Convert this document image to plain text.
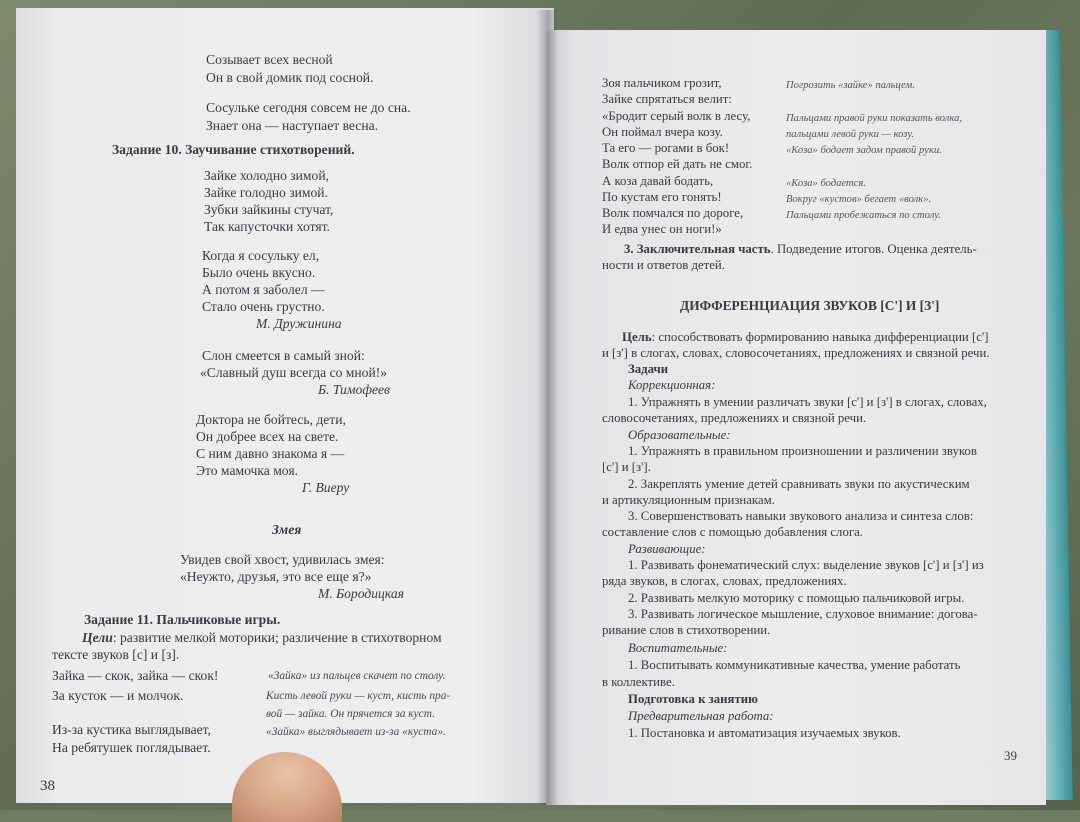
Созывает всех весной
Он в свой домик под сосной.
Сосульке сегодня совсем не до сна.
Знает она — наступает весна.
Задание 10. Заучивание стихотворений.
Зайке холодно зимой,
Зайке голодно зимой.
Зубки зайкины стучат,
Так капусточки хотят.
Когда я сосульку ел,
Было очень вкусно.
А потом я заболел —
Стало очень грустно.
М. Дружинина
Слон смеется в самый зной:
«Славный душ всегда со мной!»
Б. Тимофеев
Доктора не бойтесь, дети,
Он добрее всех на свете.
С ним давно знакома я —
Это мамочка моя.
Г. Виеру
Змея
Увидев свой хвост, удивилась змея:
«Неужто, друзья, это все еще я?»
М. Бородицкая
Задание 11. Пальчиковые игры.
Цели: развитие мелкой моторики; различение в стихотворном
тексте звуков [с] и [з].
Зайка — скок, зайка — скок!
За кусток — и молчок.
Из-за кустика выглядывает,
На ребятушек поглядывает.
«Зайка» из пальцев скачет по столу.
Кисть левой руки — куст, кисть пра-
вой — зайка. Он прячется за куст.
«Зайка» выглядывает из-за «куста».
38
Зоя пальчиком грозит,
Зайке спрятаться велит:
«Бродит серый волк в лесу,
Он поймал вчера козу.
Та его — рогами в бок!
Волк отпор ей дать не смог.
А коза давай бодать,
По кустам его гонять!
Волк помчался по дороге,
И едва унес он ноги!»
Погрозить «зайке» пальцем.
Пальцами правой руки показать волка,
пальцами левой руки — козу.
«Коза» бодает задом правой руки.
«Коза» бодается.
Вокруг «кустов» бегает «волк».
Пальцами пробежаться по столу.
3. Заключительная часть. Подведение итогов. Оценка деятель-
ности и ответов детей.
ДИФФЕРЕНЦИАЦИЯ ЗВУКОВ [С'] И [З']
Цель: способствовать формированию навыка дифференциации [с']
и [з'] в слогах, словах, словосочетаниях, предложениях и связной речи.
Задачи
Коррекционная:
1. Упражнять в умении различать звуки [с'] и [з'] в слогах, словах,
словосочетаниях, предложениях и связной речи.
Образовательные:
1. Упражнять в правильном произношении и различении звуков
[с'] и [з'].
2. Закреплять умение детей сравнивать звуки по акустическим
и артикуляционным признакам.
3. Совершенствовать навыки звукового анализа и синтеза слов:
составление слов с помощью добавления слога.
Развивающие:
1. Развивать фонематический слух: выделение звуков [с'] и [з'] из
ряда звуков, в слогах, словах, предложениях.
2. Развивать мелкую моторику с помощью пальчиковой игры.
3. Развивать логическое мышление, слуховое внимание: догова-
ривание слов в стихотворении.
Воспитательные:
1. Воспитывать коммуникативные качества, умение работать
в коллективе.
Подготовка к занятию
Предварительная работа:
1. Постановка и автоматизация изучаемых звуков.
39
